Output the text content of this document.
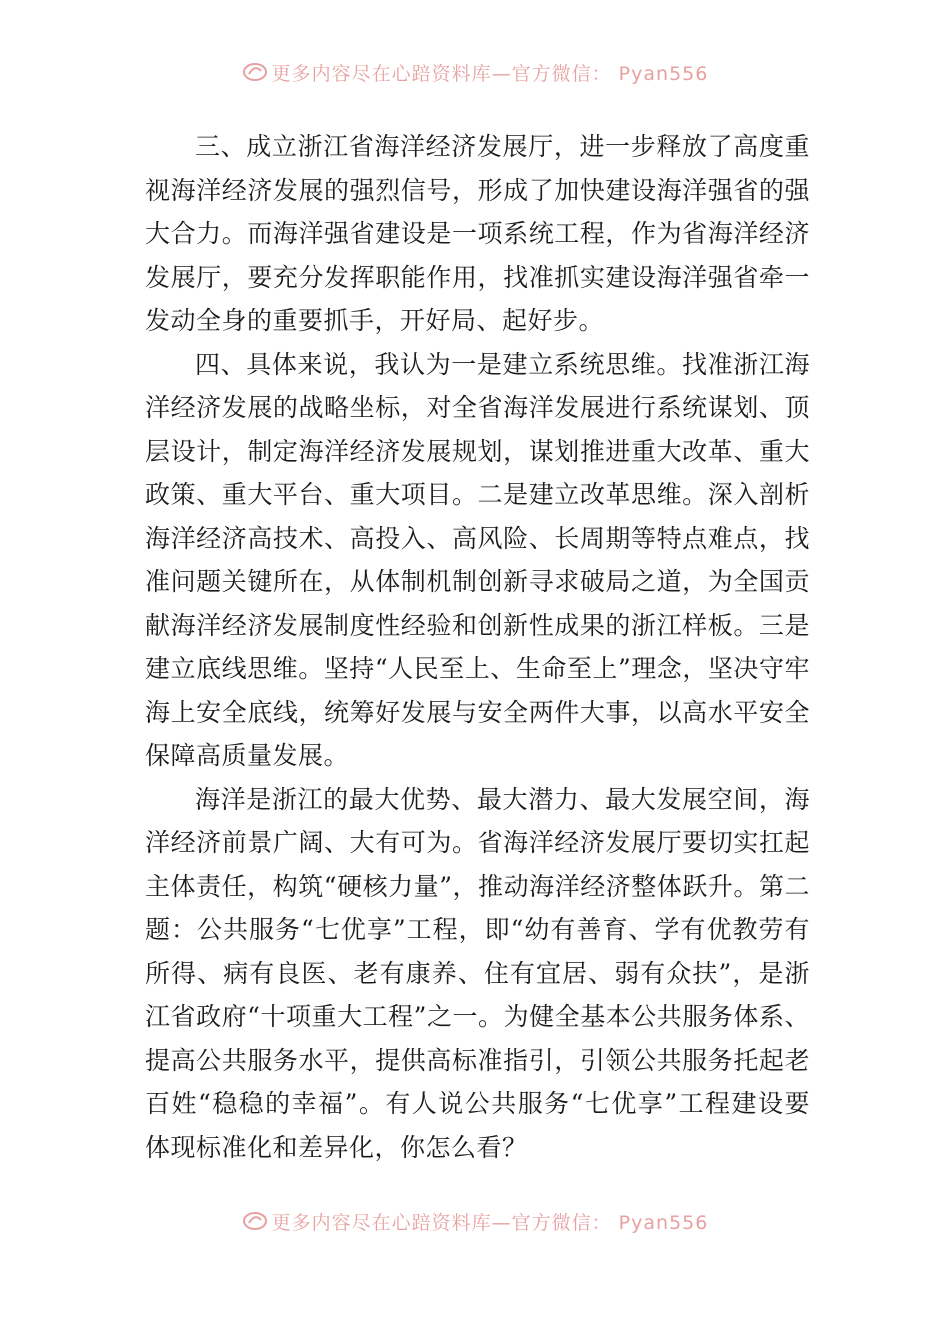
更多内容尽在心踣资料库—官方微信： Pyan556

三、成立浙江省海洋经济发展厅，进一步释放了高度重视海洋经济发展的强烈信号，形成了加快建设海洋强省的强大合力。而海洋强省建设是一项系统工程，作为省海洋经济发展厅，要充分发挥职能作用，找准抓实建设海洋强省牵一发动全身的重要抓手，开好局、起好步。

四、具体来说，我认为一是建立系统思维。找准浙江海洋经济发展的战略坐标，对全省海洋发展进行系统谋划、顶层设计，制定海洋经济发展规划，谋划推进重大改革、重大政策、重大平台、重大项目。二是建立改革思维。深入剖析海洋经济高技术、高投入、高风险、长周期等特点难点，找准问题关键所在，从体制机制创新寻求破局之道，为全国贡献海洋经济发展制度性经验和创新性成果的浙江样板。三是建立底线思维。坚持“人民至上、生命至上”理念，坚决守牢海上安全底线，统筹好发展与安全两件大事，以高水平安全保障高质量发展。

海洋是浙江的最大优势、最大潜力、最大发展空间，海洋经济前景广阔、大有可为。省海洋经济发展厅要切实扛起主体责任，构筑“硬核力量”，推动海洋经济整体跃升。第二题：公共服务“七优享”工程，即“幼有善育、学有优教劳有所得、病有良医、老有康养、住有宜居、弱有众扶”，是浙江省政府“十项重大工程”之一。为健全基本公共服务体系、提高公共服务水平，提供高标准指引，引领公共服务托起老百姓“稳稳的幸福”。有人说公共服务“七优享”工程建设要体现标准化和差异化，你怎么看？

更多内容尽在心踣资料库—官方微信： Pyan556
